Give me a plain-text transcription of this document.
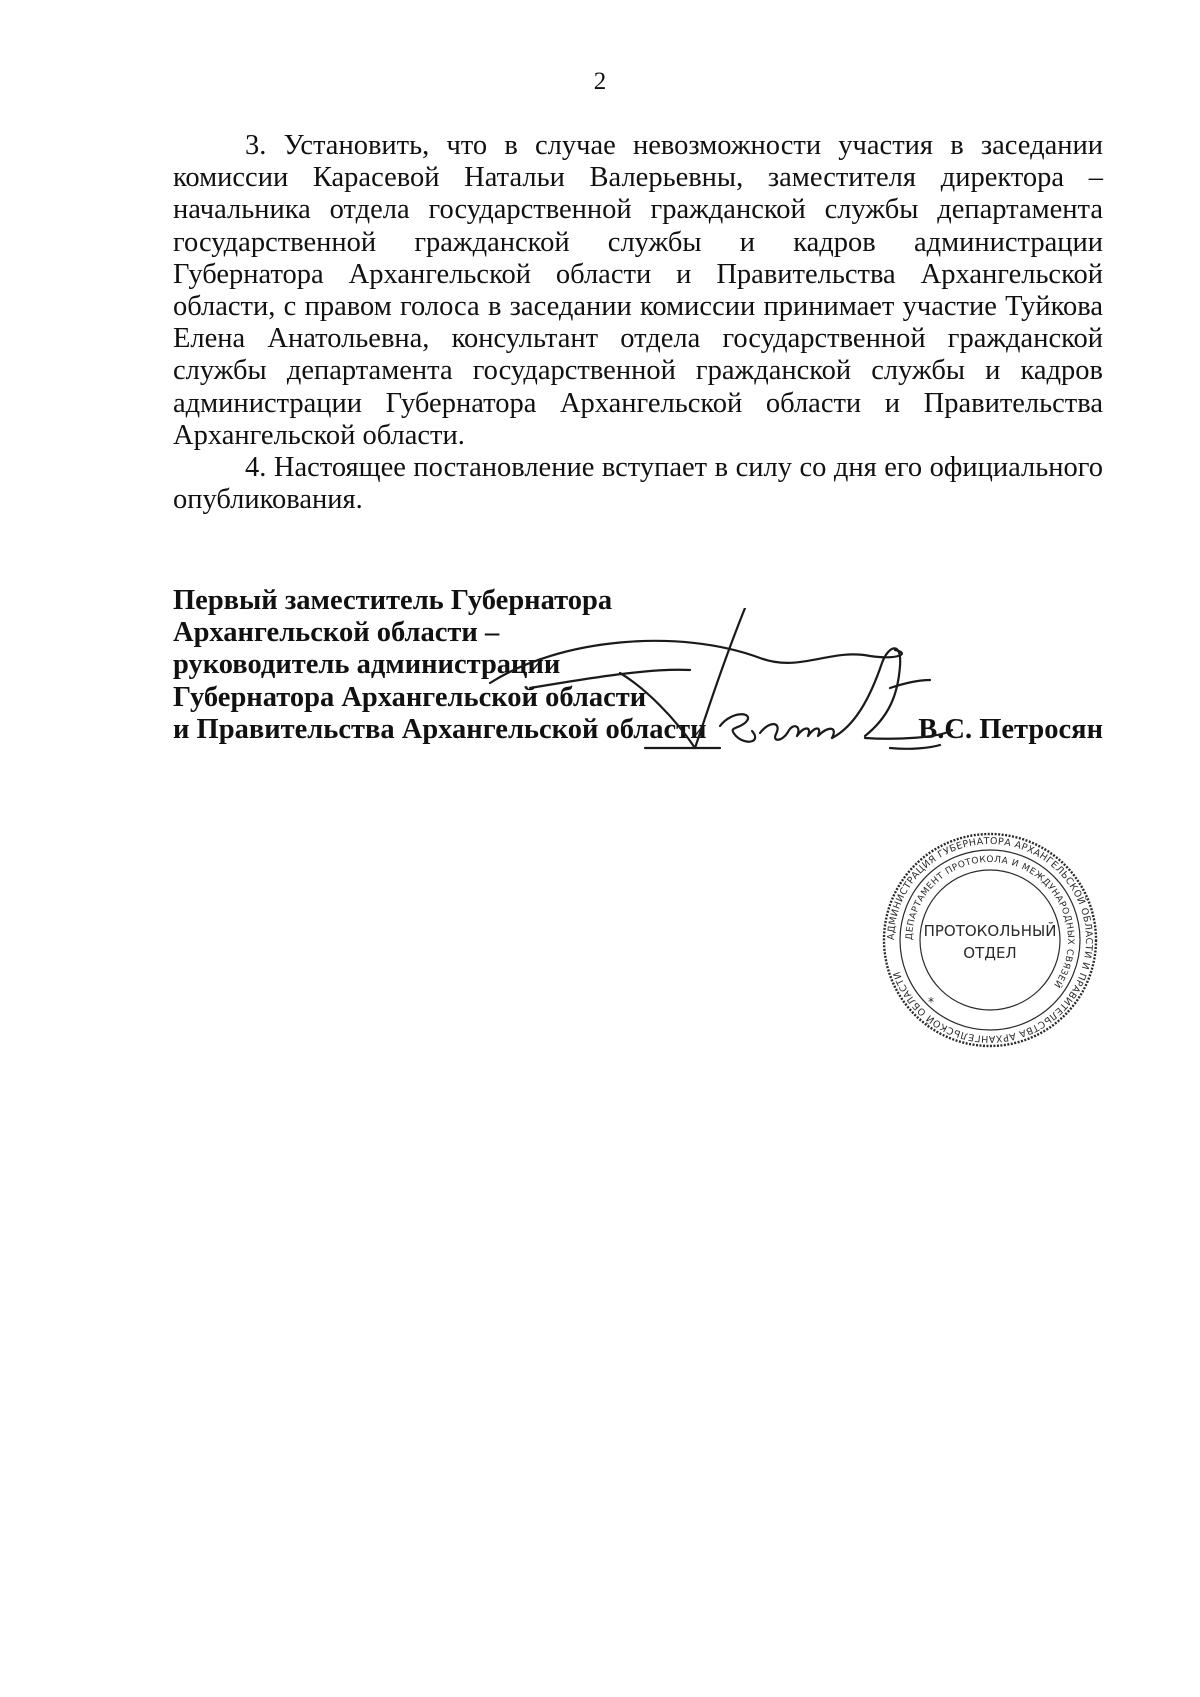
2

3. Установить, что в случае невозможности участия в заседании комиссии Карасевой Натальи Валерьевны, заместителя директора – начальника отдела государственной гражданской службы департамента государственной гражданской службы и кадров администрации Губернатора Архангельской области и Правительства Архангельской области, с правом голоса в заседании комиссии принимает участие Туйкова Елена Анатольевна, консультант отдела государственной гражданской службы департамента государственной гражданской службы и кадров администрации Губернатора Архангельской области и Правительства Архангельской области.

4. Настоящее постановление вступает в силу со дня его официального опубликования.

Первый заместитель Губернатора
Архангельской области –
руководитель администрации
Губернатора Архангельской области
и Правительства Архангельской области	В.С. Петросян
АДМИНИСТРАЦИЯ ГУБЕРНАТОРА АРХАНГЕЛЬСКОЙ ОБЛАСТИ И ПРАВИТЕЛЬСТВА АРХАНГЕЛЬСКОЙ ОБЛАСТИ
ДЕПАРТАМЕНТ ПРОТОКОЛА И МЕЖДУНАРОДНЫХ СВЯЗЕЙ
ПРОТОКОЛЬНЫЙ
ОТДЕЛ
*
